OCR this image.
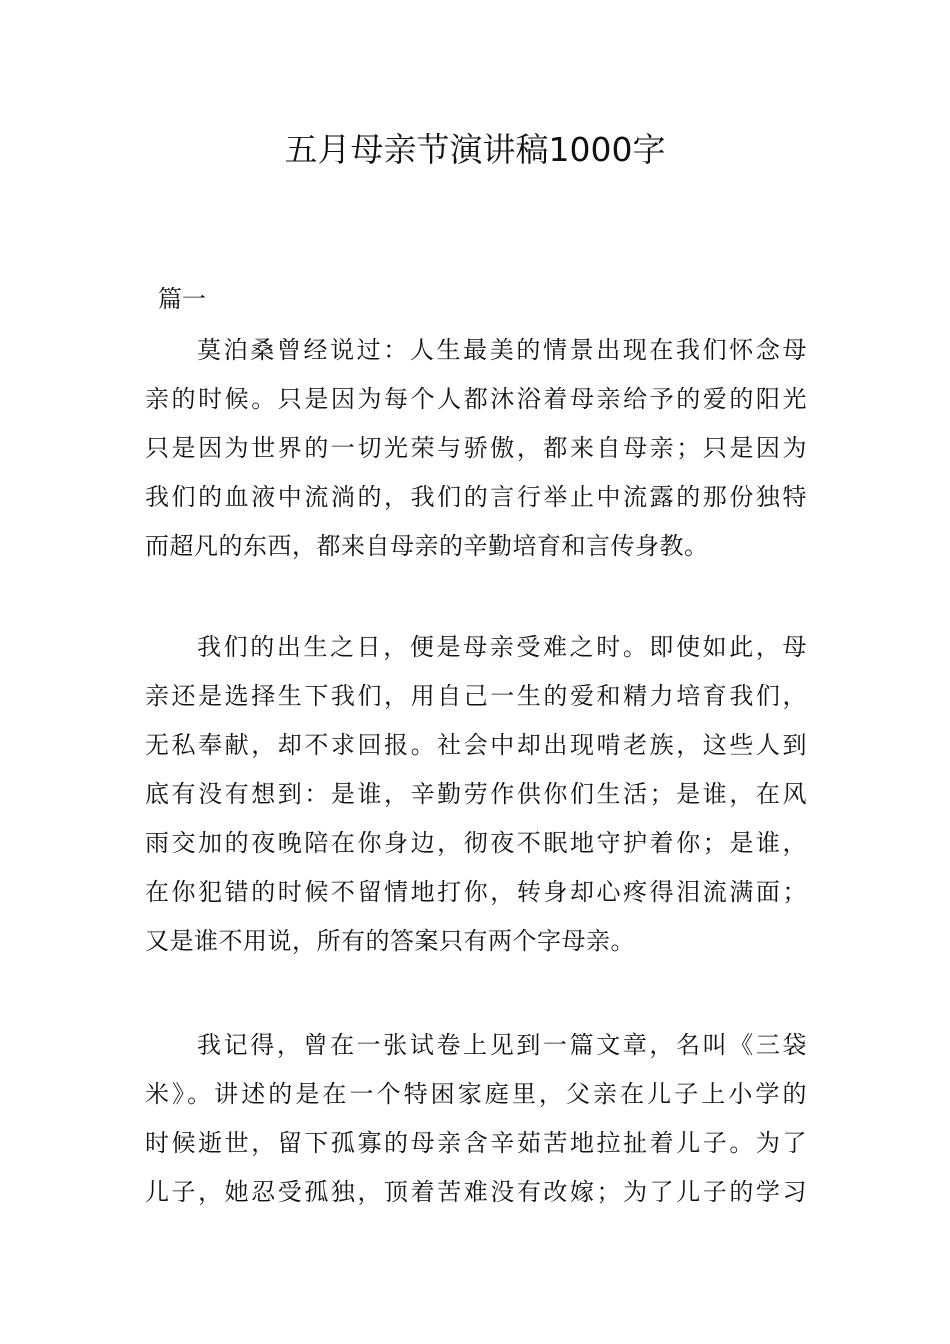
五月母亲节演讲稿1000字
篇一
莫泊桑曾经说过：人生最美的情景出现在我们怀念母
亲的时候。只是因为每个人都沐浴着母亲给予的爱的阳光
只是因为世界的一切光荣与骄傲，都来自母亲；只是因为
我们的血液中流淌的，我们的言行举止中流露的那份独特
而超凡的东西，都来自母亲的辛勤培育和言传身教。
我们的出生之日，便是母亲受难之时。即使如此，母
亲还是选择生下我们，用自己一生的爱和精力培育我们，
无私奉献，却不求回报。社会中却出现啃老族，这些人到
底有没有想到：是谁，辛勤劳作供你们生活；是谁，在风
雨交加的夜晚陪在你身边，彻夜不眠地守护着你；是谁，
在你犯错的时候不留情地打你，转身却心疼得泪流满面；
又是谁不用说，所有的答案只有两个字母亲。
我记得，曾在一张试卷上见到一篇文章，名叫《三袋
米》。讲述的是在一个特困家庭里，父亲在儿子上小学的
时候逝世，留下孤寡的母亲含辛茹苦地拉扯着儿子。为了
儿子，她忍受孤独，顶着苦难没有改嫁；为了儿子的学习
